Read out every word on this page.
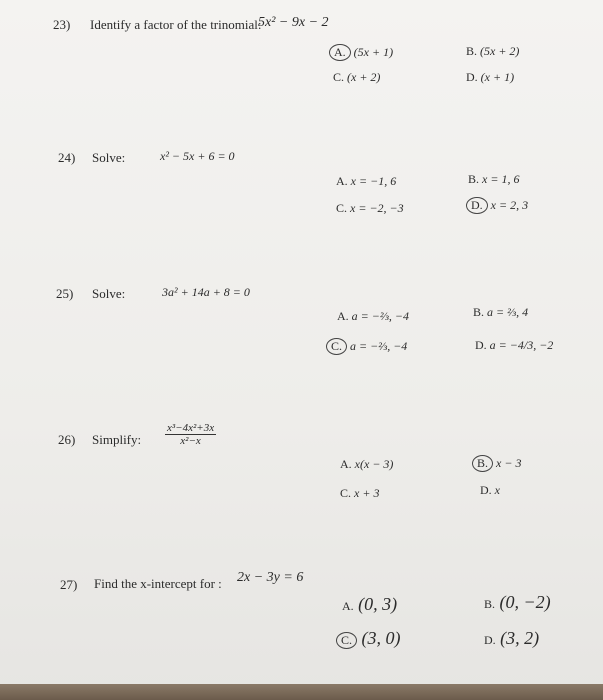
23) Identify a factor of the trinomial:
5x² − 9x − 2
A. (5x + 1)	B. (5x + 2)
C. (x + 2)	D. (x + 1)
24) Solve:	x² − 5x + 6 = 0
A. x = −1, 6	B. x = 1, 6
C. x = −2, −3	D. x = 2, 3
25) Solve:	3a² + 14a + 8 = 0
A. a = −⅔, −4	B. a = ⅔, 4
C. a = −⅔, −4	D. a = −4/3, −2
26) Simplify: $\frac{\text{x³−4x²+3x}}{\text{x²−x}}$
A. x(x − 3)	B. x − 3
C. x + 3	D. x
27) Find the x-intercept for : 2x − 3y = 6
A. (0, 3)	B. (0, −2)
C. (3, 0)	D. (3, 2)
